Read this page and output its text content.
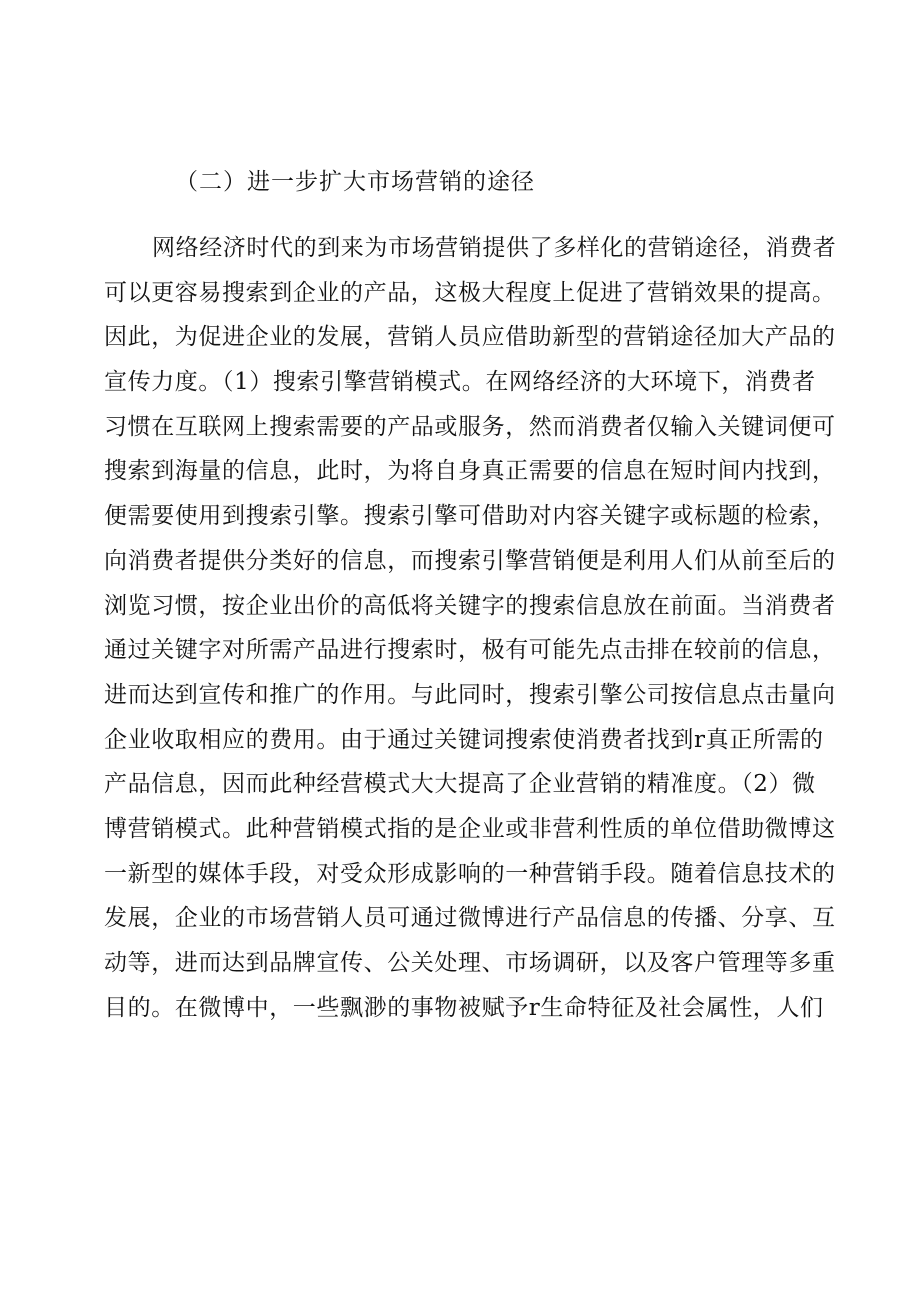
（二）进一步扩大市场营销的途径
网络经济时代的到来为市场营销提供了多样化的营销途径，消费者
可以更容易搜索到企业的产品，这极大程度上促进了营销效果的提高。
因此，为促进企业的发展，营销人员应借助新型的营销途径加大产品的
宣传力度。（1）搜索引擎营销模式。在网络经济的大环境下，消费者
习惯在互联网上搜索需要的产品或服务，然而消费者仅输入关键词便可
搜索到海量的信息，此时，为将自身真正需要的信息在短时间内找到，
便需要使用到搜索引擎。搜索引擎可借助对内容关键字或标题的检索，
向消费者提供分类好的信息，而搜索引擎营销便是利用人们从前至后的
浏览习惯，按企业出价的高低将关键字的搜索信息放在前面。当消费者
通过关键字对所需产品进行搜索时，极有可能先点击排在较前的信息，
进而达到宣传和推广的作用。与此同时，搜索引擎公司按信息点击量向
企业收取相应的费用。由于通过关键词搜索使消费者找到r真正所需的
产品信息，因而此种经营模式大大提高了企业营销的精准度。（2）微
博营销模式。此种营销模式指的是企业或非营利性质的单位借助微博这
一新型的媒体手段，对受众形成影响的一种营销手段。随着信息技术的
发展，企业的市场营销人员可通过微博进行产品信息的传播、分享、互
动等，进而达到品牌宣传、公关处理、市场调研，以及客户管理等多重
目的。在微博中，一些飘渺的事物被赋予r生命特征及社会属性，人们
